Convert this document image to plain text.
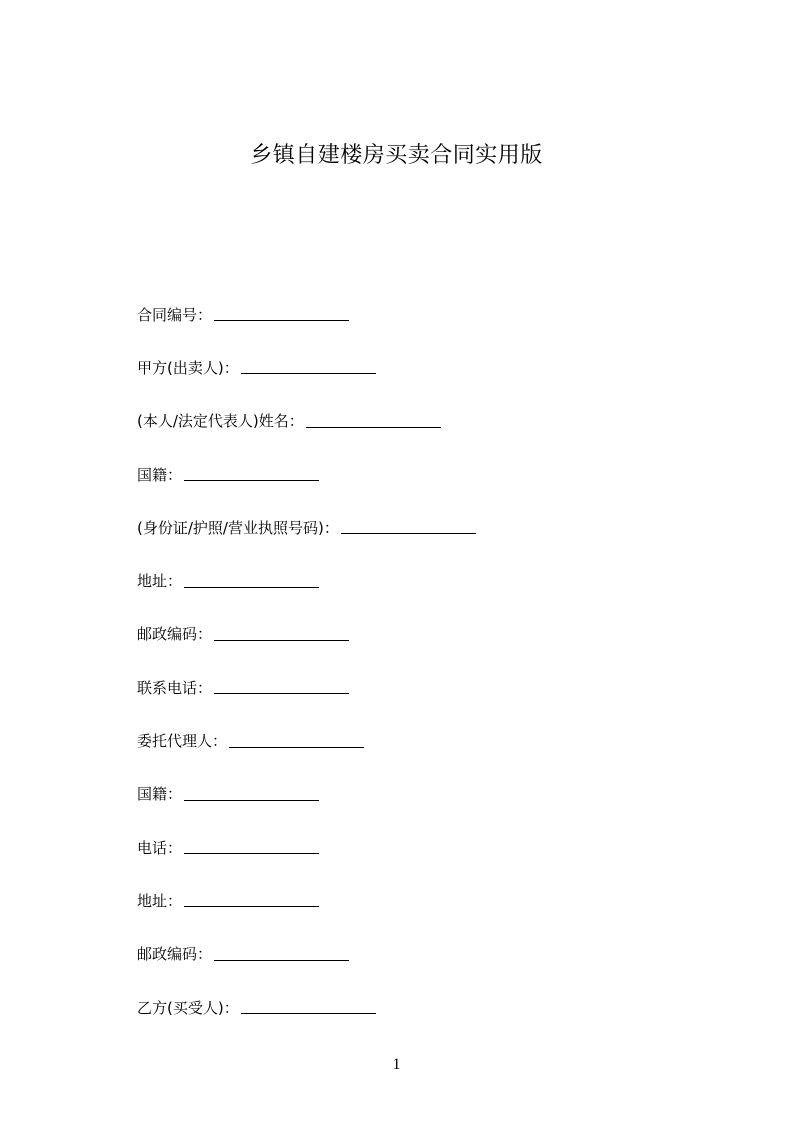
乡镇自建楼房买卖合同实用版
合同编号：
甲方(出卖人)：
(本人/法定代表人)姓名：
国籍：
(身份证/护照/营业执照号码)：
地址：
邮政编码：
联系电话：
委托代理人：
国籍：
电话：
地址：
邮政编码：
乙方(买受人)：
1
